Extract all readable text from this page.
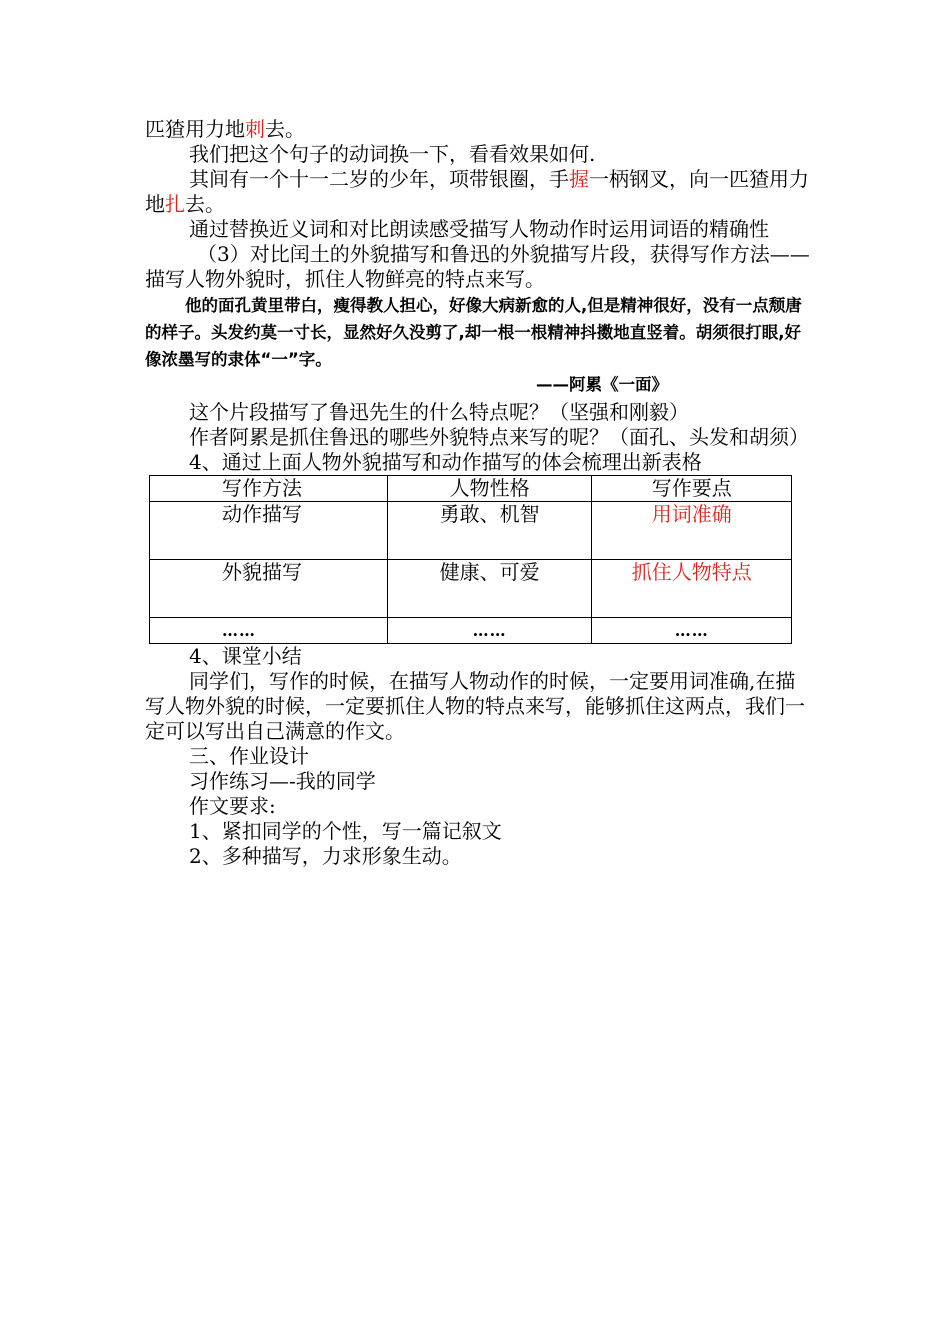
匹猹用力地刺去。

我们把这个句子的动词换一下，看看效果如何.

其间有一个十一二岁的少年，项带银圈，手握一柄钢叉，向一匹猹用力地扎去。

通过替换近义词和对比朗读感受描写人物动作时运用词语的精确性

（3）对比闰土的外貌描写和鲁迅的外貌描写片段，获得写作方法——描写人物外貌时，抓住人物鲜亮的特点来写。

他的面孔黄里带白，瘦得教人担心，好像大病新愈的人,但是精神很好，没有一点颓唐的样子。头发约莫一寸长，显然好久没剪了,却一根一根精神抖擞地直竖着。胡须很打眼,好像浓墨写的隶体“一”字。

——阿累《一面》

这个片段描写了鲁迅先生的什么特点呢？（坚强和刚毅）

作者阿累是抓住鲁迅的哪些外貌特点来写的呢？（面孔、头发和胡须）

4、通过上面人物外貌描写和动作描写的体会梳理出新表格

写作方法	人物性格	写作要点
动作描写	勇敢、机智	用词准确
外貌描写	健康、可爱	抓住人物特点
……	……	……

4、课堂小结

同学们，写作的时候，在描写人物动作的时候，一定要用词准确,在描写人物外貌的时候，一定要抓住人物的特点来写，能够抓住这两点，我们一定可以写出自己满意的作文。

三、作业设计

习作练习—-我的同学

作文要求:

1、紧扣同学的个性，写一篇记叙文

2、多种描写，力求形象生动。
